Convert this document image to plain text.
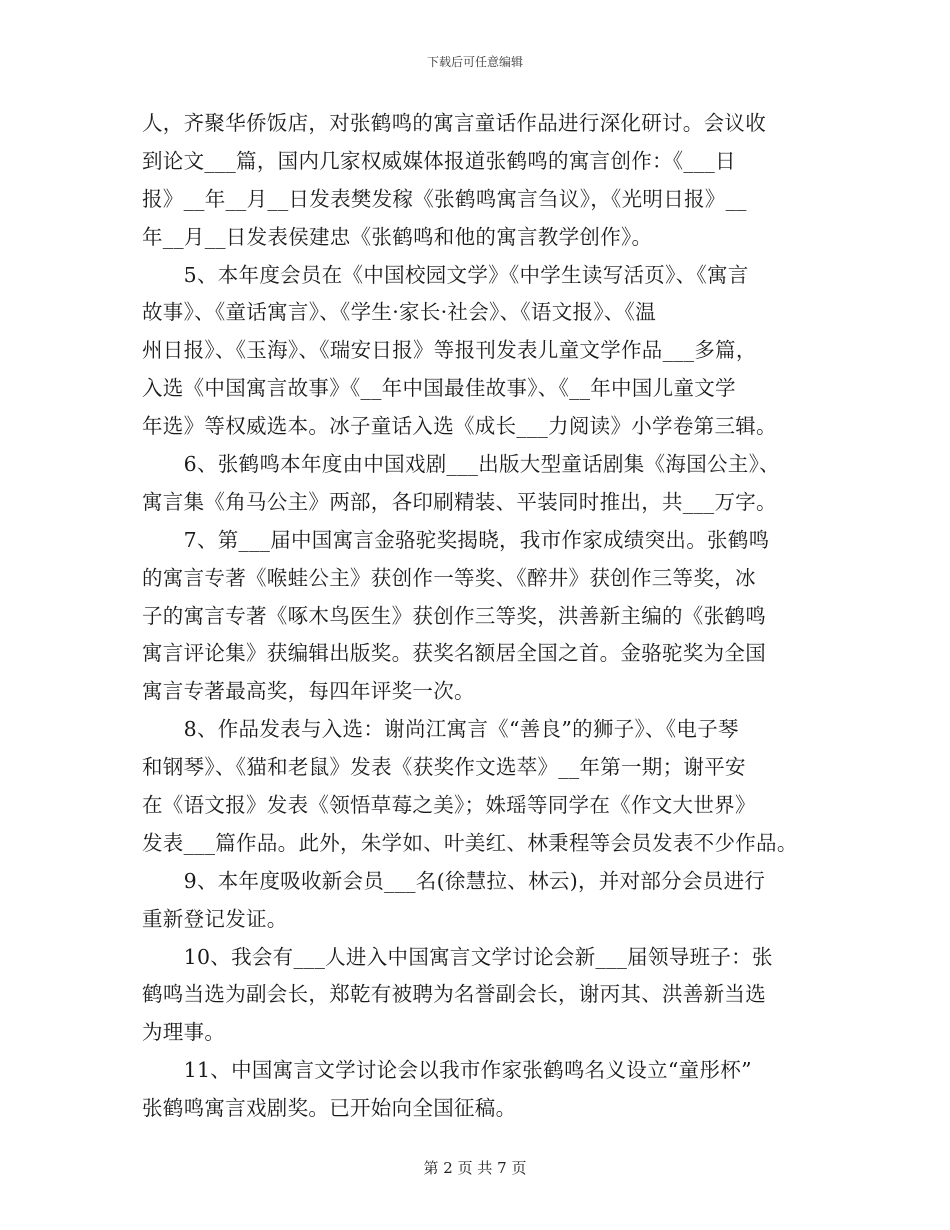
下载后可任意编辑
人，齐聚华侨饭店，对张鹤鸣的寓言童话作品进行深化研讨。会议收
到论文___篇，国内几家权威媒体报道张鹤鸣的寓言创作：《___日
报》__年__月__日发表樊发稼《张鹤鸣寓言刍议》，《光明日报》__
年__月__日发表侯建忠《张鹤鸣和他的寓言教学创作》。
　　5、本年度会员在《中国校园文学》《中学生读写活页》、《寓言
故事》、《童话寓言》、《学生·家长·社会》、《语文报》、《温
州日报》、《玉海》、《瑞安日报》等报刊发表儿童文学作品___多篇，
入选《中国寓言故事》《__年中国最佳故事》、《__年中国儿童文学
年选》等权威选本。冰子童话入选《成长___力阅读》小学卷第三辑。
　　6、张鹤鸣本年度由中国戏剧___出版大型童话剧集《海国公主》、
寓言集《角马公主》两部，各印刷精装、平装同时推出，共___万字。
　　7、第___届中国寓言金骆驼奖揭晓，我市作家成绩突出。张鹤鸣
的寓言专著《喉蛙公主》获创作一等奖、《醉井》获创作三等奖，冰
子的寓言专著《啄木鸟医生》获创作三等奖，洪善新主编的《张鹤鸣
寓言评论集》获编辑出版奖。获奖名额居全国之首。金骆驼奖为全国
寓言专著最高奖，每四年评奖一次。
　　8、作品发表与入选：谢尚江寓言《“善良”的狮子》、《电子琴
和钢琴》、《猫和老鼠》发表《获奖作文选萃》__年第一期；谢平安
在《语文报》发表《领悟草莓之美》；姝瑶等同学在《作文大世界》
发表___篇作品。此外，朱学如、叶美红、林秉程等会员发表不少作品。
　　9、本年度吸收新会员___名(徐慧拉、林云)，并对部分会员进行
重新登记发证。
　　10、我会有___人进入中国寓言文学讨论会新___届领导班子：张
鹤鸣当选为副会长，郑乾有被聘为名誉副会长，谢丙其、洪善新当选
为理事。
　　11、中国寓言文学讨论会以我市作家张鹤鸣名义设立“童彤杯”
张鹤鸣寓言戏剧奖。已开始向全国征稿。
第 2 页 共 7 页
